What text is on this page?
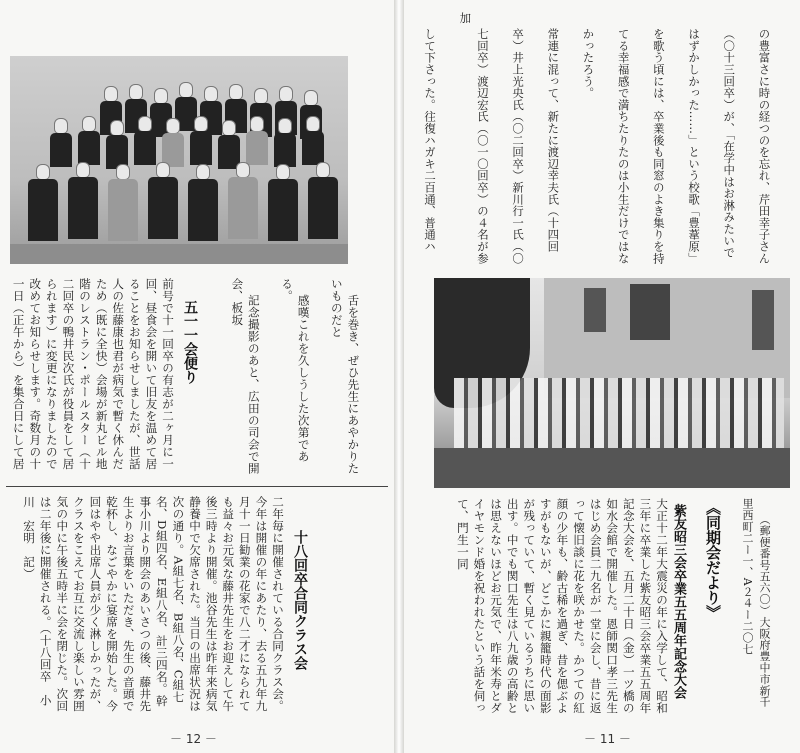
舌を巻き、ぜひ先生にあやかりたいものだと

感嘆これを久しうした次第である。

記念撮影のあと、広田の司会で開会、板坂

五一一会便り
前号で十一回卒の有志が二ヶ月に一回、昼食会を開いて旧友を温めて居ることをお知らせしましたが、世話人の佐藤康也君が病気で暫く休んだため（既に全快）会場が新丸ビル地階のレストラン・ポールスター（十二回卒の鴨井民次氏が役員をして居られます）に変更になりましたので改めてお知らせします。奇数月の十一日（正午から）を集合日にして居　　　
十八回卒合同クラス会
二年毎に開催されている合同クラス会。今年は開催の年にあたり、去る五九年九月十一日勧業の花家で八二才になられても益々お元気な藤井先生をお迎えして午後三時より開催。池谷先生は昨年来病気静養中で欠席された。当日の出席状況は次の通り。A組七名、B組八名、C組七名、D組四名、E組八名、計三四名。幹事小川より開会のあいさつの後、藤井先生よりお言葉をいただき、先生の音頭で乾杯し、なごやかに宴席を開始した。今回はやや出席人員が少く淋しかったが、クラスをこえてお互に交流し楽しい雰囲気の中に午後五時半に会を閉じた。次回は二年後に開催される。（十八回卒　小川　宏明　記）
－ 12 －

の豊富さに時の経つのを忘れ、芹田幸子さん

（〇十三回卒）が、「在学中はお淋みたいで

はずかしかった……」という校歌「豊葦原」

を歌う頃には、卒業後も同窓のよき集りを持

てる幸福感で満ちたりたのは小生だけではな

かったろう。

常連に混って、新たに渡辺幸夫氏（十四回

卒）井上光央氏（〇二回卒）新川行一氏（〇

七回卒）渡辺宏氏（〇一〇回卒）の４名が参加

して下さった。往復ハガキ二百通、普通ハ

（郵便番号五六〇）大阪府豊中市新千里西町二ー一、A２４ー二〇七

《同期会だより》
紫友昭三会卒業五五周年記念大会
大正十二年大震災の年に入学して、昭和三年に卒業した紫友昭三会卒業五五周年記念大会を、五月二十日（金）一ツ橋の如水会館で開催した。恩師関口孝三先生はじめ会員二九名が一堂に会し、昔に返って懐旧談に花を咲かせた。かつての紅顔の少年も、齢古稀を過ぎ、昔を偲ぶよすがもないが、どこかに親籠時代の面影が残っていて、暫く見ているうちに思い出す。中でも関口先生は八九歳の高齢とは思えないほどお元気で、昨年米寿とダイヤモンド婚を祝われたという話を伺って、門生一同
－ 11 －
